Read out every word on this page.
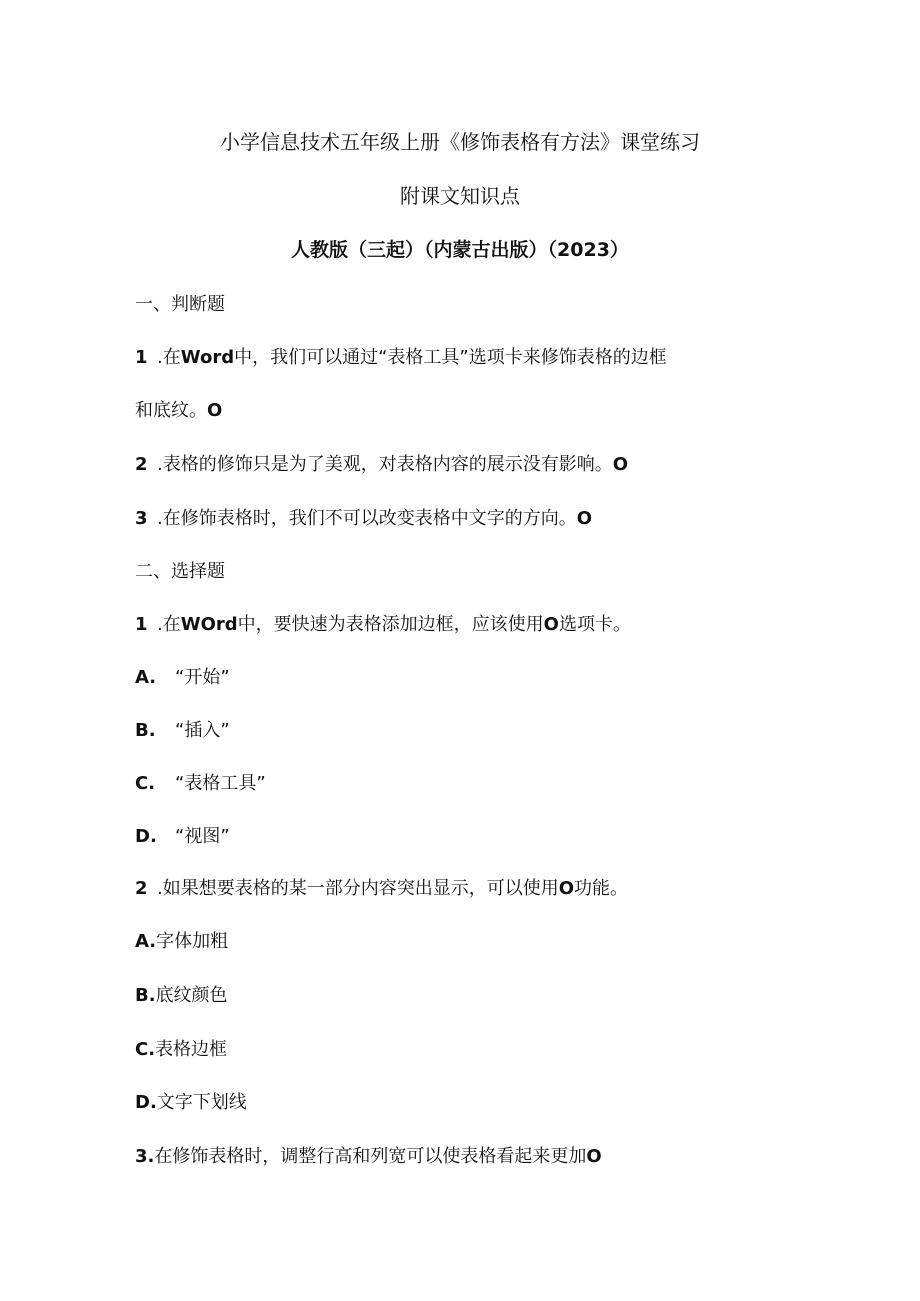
小学信息技术五年级上册《修饰表格有方法》课堂练习
附课文知识点
人教版（三起）（内蒙古出版）（2023）
一、判断题
1 .在Word中，我们可以通过“表格工具”选项卡来修饰表格的边框
和底纹。O
2 .表格的修饰只是为了美观，对表格内容的展示没有影响。O
3 .在修饰表格时，我们不可以改变表格中文字的方向。O
二、选择题
1 .在WOrd中，要快速为表格添加边框，应该使用O选项卡。
A. “开始”
B. “插入”
C. “表格工具”
D. “视图”
2 .如果想要表格的某一部分内容突出显示，可以使用O功能。
A.字体加粗
B.底纹颜色
C.表格边框
D.文字下划线
3.在修饰表格时，调整行高和列宽可以使表格看起来更加O
